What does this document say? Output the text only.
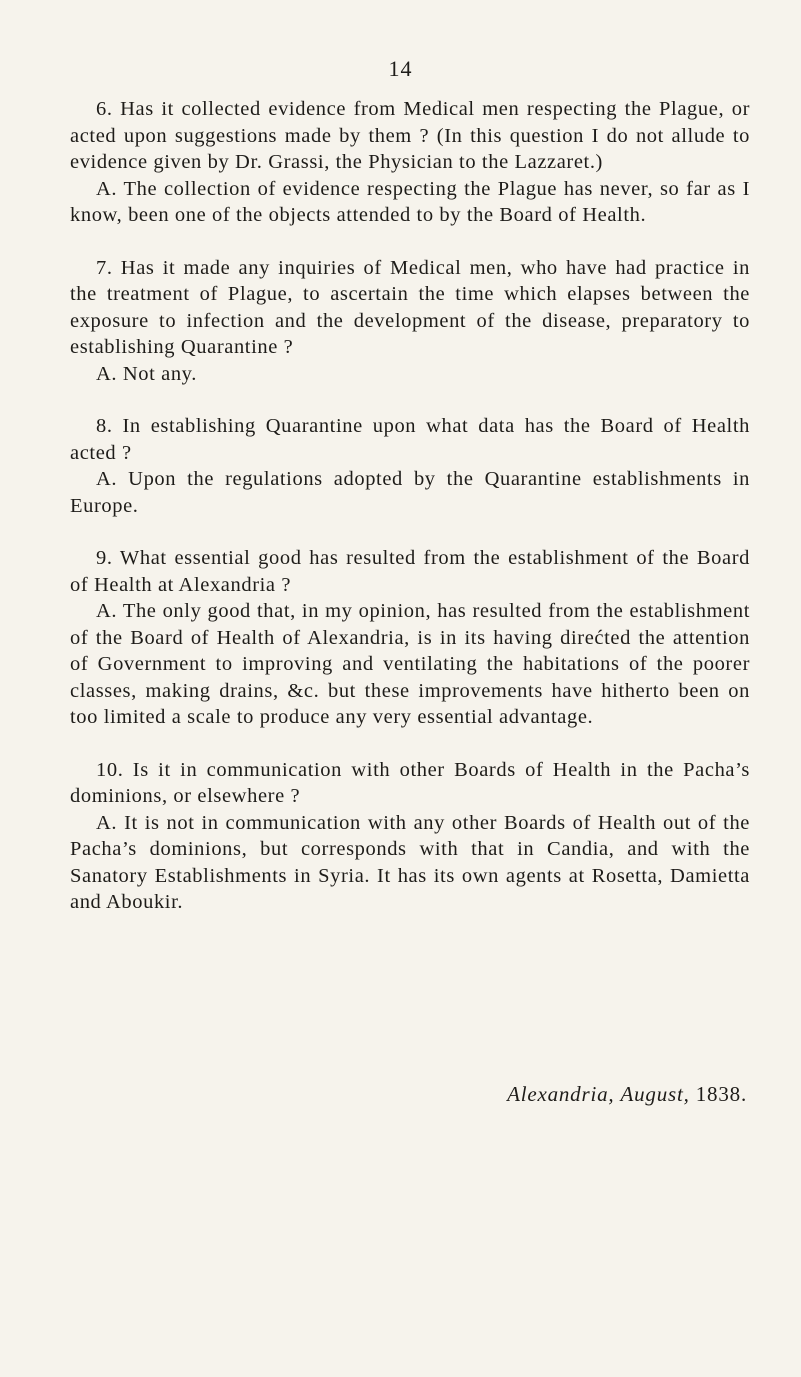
14

6. Has it collected evidence from Medical men respecting the Plague, or acted upon suggestions made by them ? (In this question I do not allude to evidence given by Dr. Grassi, the Physician to the Lazzaret.)

A. The collection of evidence respecting the Plague has never, so far as I know, been one of the objects attended to by the Board of Health.

7. Has it made any inquiries of Medical men, who have had practice in the treatment of Plague, to ascertain the time which elapses between the exposure to infection and the development of the disease, preparatory to establishing Quarantine ?

A. Not any.

8. In establishing Quarantine upon what data has the Board of Health acted ?

A. Upon the regulations adopted by the Quarantine establishments in Europe.

9. What essential good has resulted from the establishment of the Board of Health at Alexandria ?

A. The only good that, in my opinion, has resulted from the establishment of the Board of Health of Alexandria, is in its having direćted the attention of Government to improving and ventilating the habitations of the poorer classes, making drains, &c. but these improvements have hitherto been on too limited a scale to produce any very essential advantage.

10. Is it in communication with other Boards of Health in the Pacha’s dominions, or elsewhere ?

A. It is not in communication with any other Boards of Health out of the Pacha’s dominions, but corresponds with that in Candia, and with the Sanatory Establishments in Syria. It has its own agents at Rosetta, Damietta and Aboukir.

Alexandria, August, 1838.
